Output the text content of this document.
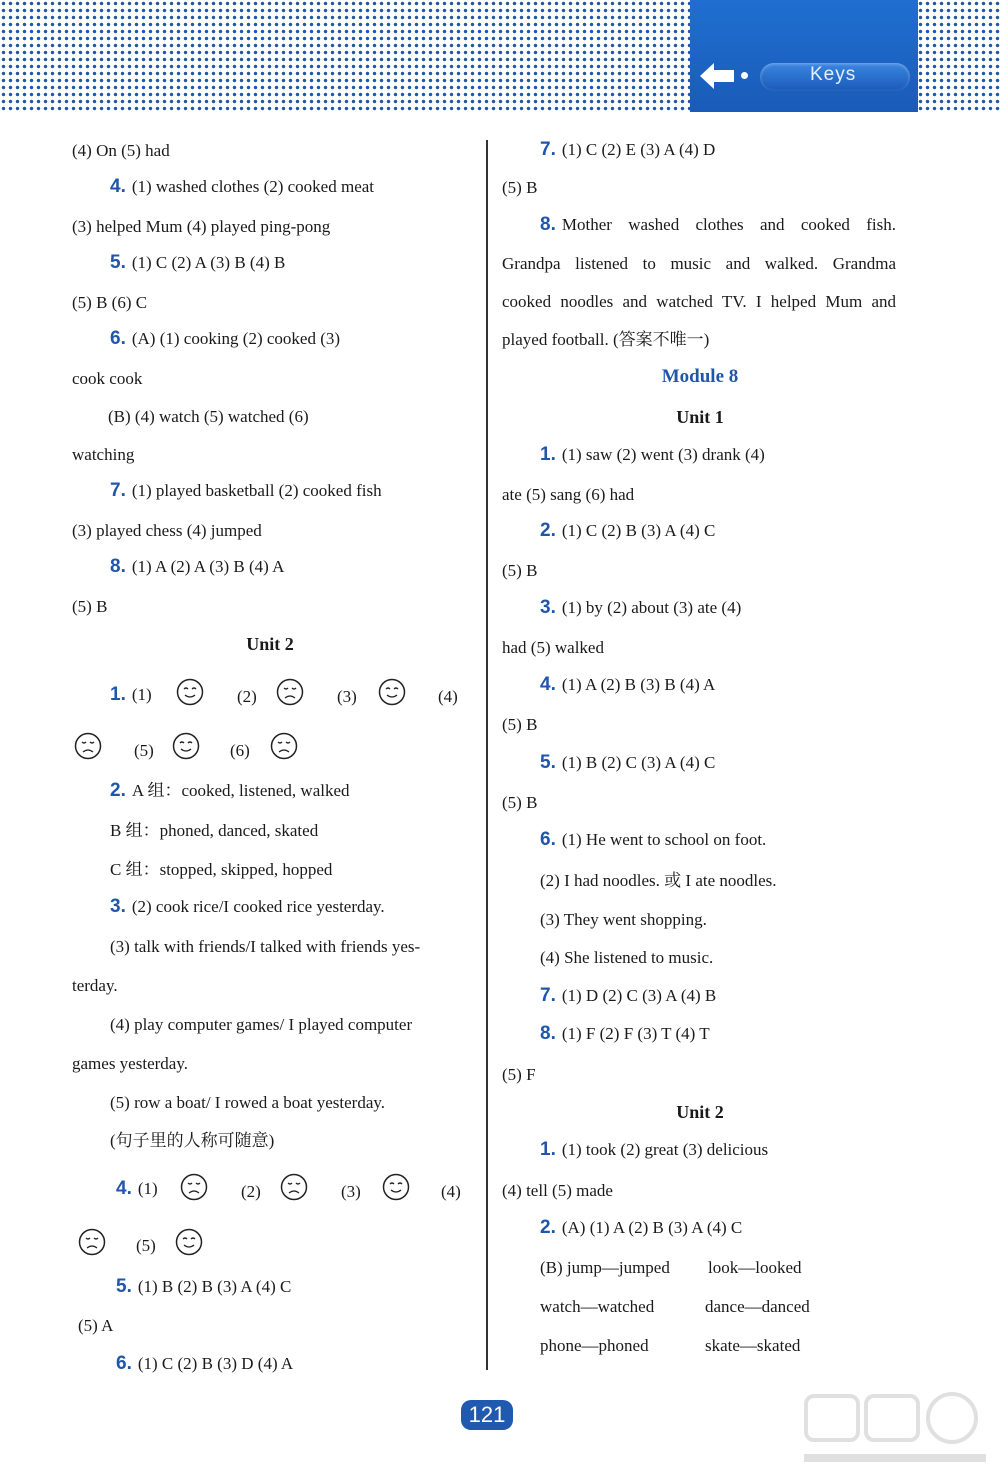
Keys
(4) On (5) had
4. (1) washed clothes (2) cooked meat
(3) helped Mum (4) played ping-pong
5. (1) C (2) A (3) B (4) B
(5) B (6) C
6. (A) (1) cooking (2) cooked (3)
cook cook
(B) (4) watch (5) watched (6)
watching
7. (1) played basketball (2) cooked fish
(3) played chess (4) jumped
8. (1) A (2) A (3) B (4) A
(5) B
Unit 2
1. (1)	(2)	(3)	(4)
(5)	(6)
2. A 组：cooked, listened, walked
B 组：phoned, danced, skated
C 组：stopped, skipped, hopped
3. (2) cook rice/I cooked rice yesterday.
(3) talk with friends/I talked with friends yes-
terday.
(4) play computer games/ I played computer
games yesterday.
(5) row a boat/ I rowed a boat yesterday.
(句子里的人称可随意)
4. (1)	(2)	(3)	(4)
(5)
5. (1) B (2) B (3) A (4) C
(5) A
6. (1) C (2) B (3) D (4) A
7. (1) C (2) E (3) A (4) D
(5) B
8. Mother washed clothes and cooked fish.
Grandpa listened to music and walked. Grandma
cooked noodles and watched TV. I helped Mum and
played football. (答案不唯一)
Module 8
Unit 1
1. (1) saw (2) went (3) drank (4)
ate (5) sang (6) had
2. (1) C (2) B (3) A (4) C
(5) B
3. (1) by (2) about (3) ate (4)
had (5) walked
4. (1) A (2) B (3) B (4) A
(5) B
5. (1) B (2) C (3) A (4) C
(5) B
6. (1) He went to school on foot.
(2) I had noodles. 或 I ate noodles.
(3) They went shopping.
(4) She listened to music.
7. (1) D (2) C (3) A (4) B
8. (1) F (2) F (3) T (4) T
(5) F
Unit 2
1. (1) took (2) great (3) delicious
(4) tell (5) made
2. (A) (1) A (2) B (3) A (4) C
(B) jump—jumped look—looked
watch—watched	dance—danced
phone—phoned	skate—skated
121
